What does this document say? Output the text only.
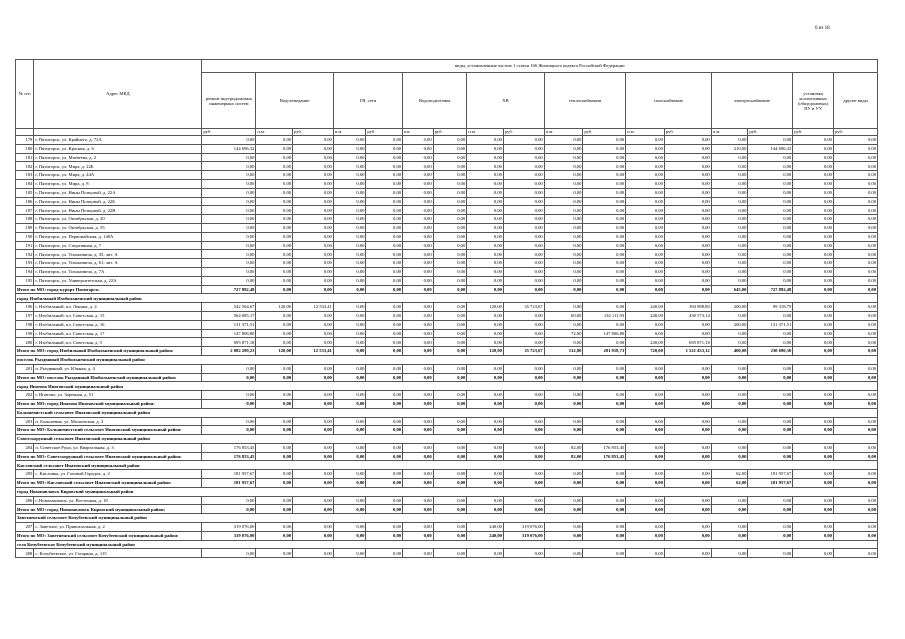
6 из 18
№ п/п	Адрес МКД	виды, установленные частью 1 статьи 166 Жилищного кодекса Российской Федерации																
		ремонт внутридомовых инженерных систем	Водоотведение		ГВ, сети		Водоподготовка		ХВ		теплоснабжения		газоснабжение		электроснабжение		установка коллективных (общедомовых) ПУ и УУ	другие виды
		руб.	п.м.	руб.	п.м.	руб.	шт.	руб.	п.м.	руб.	п.м.	руб.	п.м.	руб.	п.м.	руб.	руб.	руб.
179	г. Пятигорск, ул. Крайнего, д. 72А	0,00	0,00	0,00	0,00	0,00	0,00	0,00	0,00	0,00	0,00	0,00	0,00	0,00	0,00	0,00	0,00	0,00
180	г. Пятигорск, ул. Красная, д. 6	144 696,32	0,00	0,00	0,00	0,00	0,00	0,00	0,00	0,00	0,00	0,00	0,00	0,00	210,00	144 696,32	0,00	0,00
181	г. Пятигорск, ул. Матвеева, д. 2	0,00	0,00	0,00	0,00	0,00	0,00	0,00	0,00	0,00	0,00	0,00	0,00	0,00	0,00	0,00	0,00	0,00
182	г. Пятигорск, ул. Мира, д. 22Б	0,00	0,00	0,00	0,00	0,00	0,00	0,00	0,00	0,00	0,00	0,00	0,00	0,00	0,00	0,00	0,00	0,00
183	г. Пятигорск, ул. Мира, д. 44А	0,00	0,00	0,00	0,00	0,00	0,00	0,00	0,00	0,00	0,00	0,00	0,00	0,00	0,00	0,00	0,00	0,00
184	г. Пятигорск, ул. Мира, д. 8	0,00	0,00	0,00	0,00	0,00	0,00	0,00	0,00	0,00	0,00	0,00	0,00	0,00	0,00	0,00	0,00	0,00
185	г. Пятигорск, ул. Нины Попцовой, д. 22А	0,00	0,00	0,00	0,00	0,00	0,00	0,00	0,00	0,00	0,00	0,00	0,00	0,00	0,00	0,00	0,00	0,00
186	г. Пятигорск, ул. Нины Попцовой, д. 22Б	0,00	0,00	0,00	0,00	0,00	0,00	0,00	0,00	0,00	0,00	0,00	0,00	0,00	0,00	0,00	0,00	0,00
187	г. Пятигорск, ул. Нины Попцовой, д. 22В	0,00	0,00	0,00	0,00	0,00	0,00	0,00	0,00	0,00	0,00	0,00	0,00	0,00	0,00	0,00	0,00	0,00
188	г. Пятигорск, ул. Октябрьская, д. 20	0,00	0,00	0,00	0,00	0,00	0,00	0,00	0,00	0,00	0,00	0,00	0,00	0,00	0,00	0,00	0,00	0,00
189	г. Пятигорск, ул. Октябрьская, д. 55	0,00	0,00	0,00	0,00	0,00	0,00	0,00	0,00	0,00	0,00	0,00	0,00	0,00	0,00	0,00	0,00	0,00
190	г. Пятигорск, ул. Первомайская, д. 140А	0,00	0,00	0,00	0,00	0,00	0,00	0,00	0,00	0,00	0,00	0,00	0,00	0,00	0,00	0,00	0,00	0,00
191	г. Пятигорск, ул. Спортивная, д. 7	0,00	0,00	0,00	0,00	0,00	0,00	0,00	0,00	0,00	0,00	0,00	0,00	0,00	0,00	0,00	0,00	0,00
192	г. Пятигорск, ул. Тихоновича, д. 35, лит. А	0,00	0,00	0,00	0,00	0,00	0,00	0,00	0,00	0,00	0,00	0,00	0,00	0,00	0,00	0,00	0,00	0,00
193	г. Пятигорск, ул. Тихоновича, д. 61, лит. А	0,00	0,00	0,00	0,00	0,00	0,00	0,00	0,00	0,00	0,00	0,00	0,00	0,00	0,00	0,00	0,00	0,00
194	г. Пятигорск, ул. Тихоновича, д. 7А	0,00	0,00	0,00	0,00	0,00	0,00	0,00	0,00	0,00	0,00	0,00	0,00	0,00	0,00	0,00	0,00	0,00
195	г. Пятигорск, ул. Университетская, д. 22А	0,00	0,00	0,00	0,00	0,00	0,00	0,00	0,00	0,00	0,00	0,00	0,00	0,00	0,00	0,00	0,00	0,00
Итого по МО: город-курорт Пятигорск:		727 892,48	0,00	0,00	0,00	0,00	0,00	0,00	0,00	0,00	0,00	0,00	0,00	0,00	645,00	727 892,48	0,00	0,00
город Изобильный Изобильненский муниципальный район																		
196	г. Изобильный, пл. Ленина, д. 4	542 564,67	120,00	12 533,41	0,00	0,00	0,00	0,00	120,00	35 723,67	0,00	0,00	240,00	394 988,80	200,00	99 318,79	0,00	0,00
197	г. Изобильный, пл. Советская, д. 15	564 685,17	0,00	0,00	0,00	0,00	0,00	0,00	0,00	0,00	60,00	134 111,93	240,00	430 573,14	0,00	0,00	0,00	0,00
198	г. Изобильный, пл. Советская, д. 16	131 371,51	0,00	0,00	0,00	0,00	0,00	0,00	0,00	0,00	0,00	0,00	0,00	0,00	200,00	131 371,51	0,00	0,00
199	г. Изобильный, пл. Советская, д. 17	147 806,80	0,00	0,00	0,00	0,00	0,00	0,00	0,00	0,00	72,00	147 806,80	0,00	0,00	0,00	0,00	0,00	0,00
200	г. Изобильный, пл. Советская, д. 5	695 871,18	0,00	0,00	0,00	0,00	0,00	0,00	0,00	0,00	0,00	0,00	240,00	695 871,18	0,00	0,00	0,00	0,00
Итого по МО: город Изобильный Изобильненский муниципальный район:		2 082 299,23	120,00	12 533,41	0,00	0,00	0,00	0,00	120,00	35 723,67	132,00	281 918,73	720,00	1 521 433,12	400,00	230 690,30	0,00	0,00
поселок Рыздвяный Изобильненский муниципальный район																		
201	п. Рыздвяный, ул. Южная, д. 4	0,00	0,00	0,00	0,00	0,00	0,00	0,00	0,00	0,00	0,00	0,00	0,00	0,00	0,00	0,00	0,00	0,00
Итого по МО: поселок Рыздвяный Изобильненский муниципальный район:		0,00	0,00	0,00	0,00	0,00	0,00	0,00	0,00	0,00	0,00	0,00	0,00	0,00	0,00	0,00	0,00	0,00
город Ипатово Ипатовский муниципальный район																		
202	г. Ипатово, ул. Заречная, д. 51	0,00	0,00	0,00	0,00	0,00	0,00	0,00	0,00	0,00	0,00	0,00	0,00	0,00	0,00	0,00	0,00	0,00
Итого по МО: город Ипатово Ипатовский муниципальный район:		0,00	0,00	0,00	0,00	0,00	0,00	0,00	0,00	0,00	0,00	0,00	0,00	0,00	0,00	0,00	0,00	0,00
Большевистский сельсовет Ипатовский муниципальный район																		
203	п. Большевик, ул. Московская, д. 3	0,00	0,00	0,00	0,00	0,00	0,00	0,00	0,00	0,00	0,00	0,00	0,00	0,00	0,00	0,00	0,00	0,00
Итого по МО: Большевистский сельсовет Ипатовский муниципальный район:		0,00	0,00	0,00	0,00	0,00	0,00	0,00	0,00	0,00	0,00	0,00	0,00	0,00	0,00	0,00	0,00	0,00
Советскорунный сельсовет Ипатовский муниципальный район																		
204	п. Советское Руно, ул. Квартальная, д. 3	176 853,45	0,00	0,00	0,00	0,00	0,00	0,00	0,00	0,00	82,00	176 853,45	0,00	0,00	0,00	0,00	0,00	0,00
Итого по МО: Советскорунный сельсовет Ипатовский муниципальный район:		176 853,45	0,00	0,00	0,00	0,00	0,00	0,00	0,00	0,00	82,00	176 853,45	0,00	0,00	0,00	0,00	0,00	0,00
Кисловский сельсовет Ипатовский муниципальный район																		
205	с. Кисловка, ул. Газовый Городок, д. 2	181 957,67	0,00	0,00	0,00	0,00	0,00	0,00	0,00	0,00	0,00	0,00	0,00	0,00	62,00	181 957,67	0,00	0,00
Итого по МО: Кисловский сельсовет Ипатовский муниципальный район:		181 957,67	0,00	0,00	0,00	0,00	0,00	0,00	0,00	0,00	0,00	0,00	0,00	0,00	62,00	181 957,67	0,00	0,00
город Новопавловск Кировский муниципальный район																		
206	г. Новопавловск, ул. Восточная, д. 18	0,00	0,00	0,00	0,00	0,00	0,00	0,00	0,00	0,00	0,00	0,00	0,00	0,00	0,00	0,00	0,00	0,00
Итого по МО: город Новопавловск Кировский муниципальный район:		0,00	0,00	0,00	0,00	0,00	0,00	0,00	0,00	0,00	0,00	0,00	0,00	0,00	0,00	0,00	0,00	0,00
Заветненский сельсовет Кочубеевский муниципальный район																		
207	с. Заветное, ул. Привокзальная, д. 2	319 076,00	0,00	0,00	0,00	0,00	0,00	0,00	240,00	319 076,00	0,00	0,00	0,00	0,00	0,00	0,00	0,00	0,00
Итого по МО: Заветненский сельсовет Кочубеевский муниципальный район:		319 076,00	0,00	0,00	0,00	0,00	0,00	0,00	240,00	319 076,00	0,00	0,00	0,00	0,00	0,00	0,00	0,00	0,00
село Кочубеевское Кочубеевский муниципальный район																		
208	с. Кочубеевское, ул. Гагарина, д. 115	0,00	0,00	0,00	0,00	0,00	0,00	0,00	0,00	0,00	0,00	0,00	0,00	0,00	0,00	0,00	0,00	0,00
